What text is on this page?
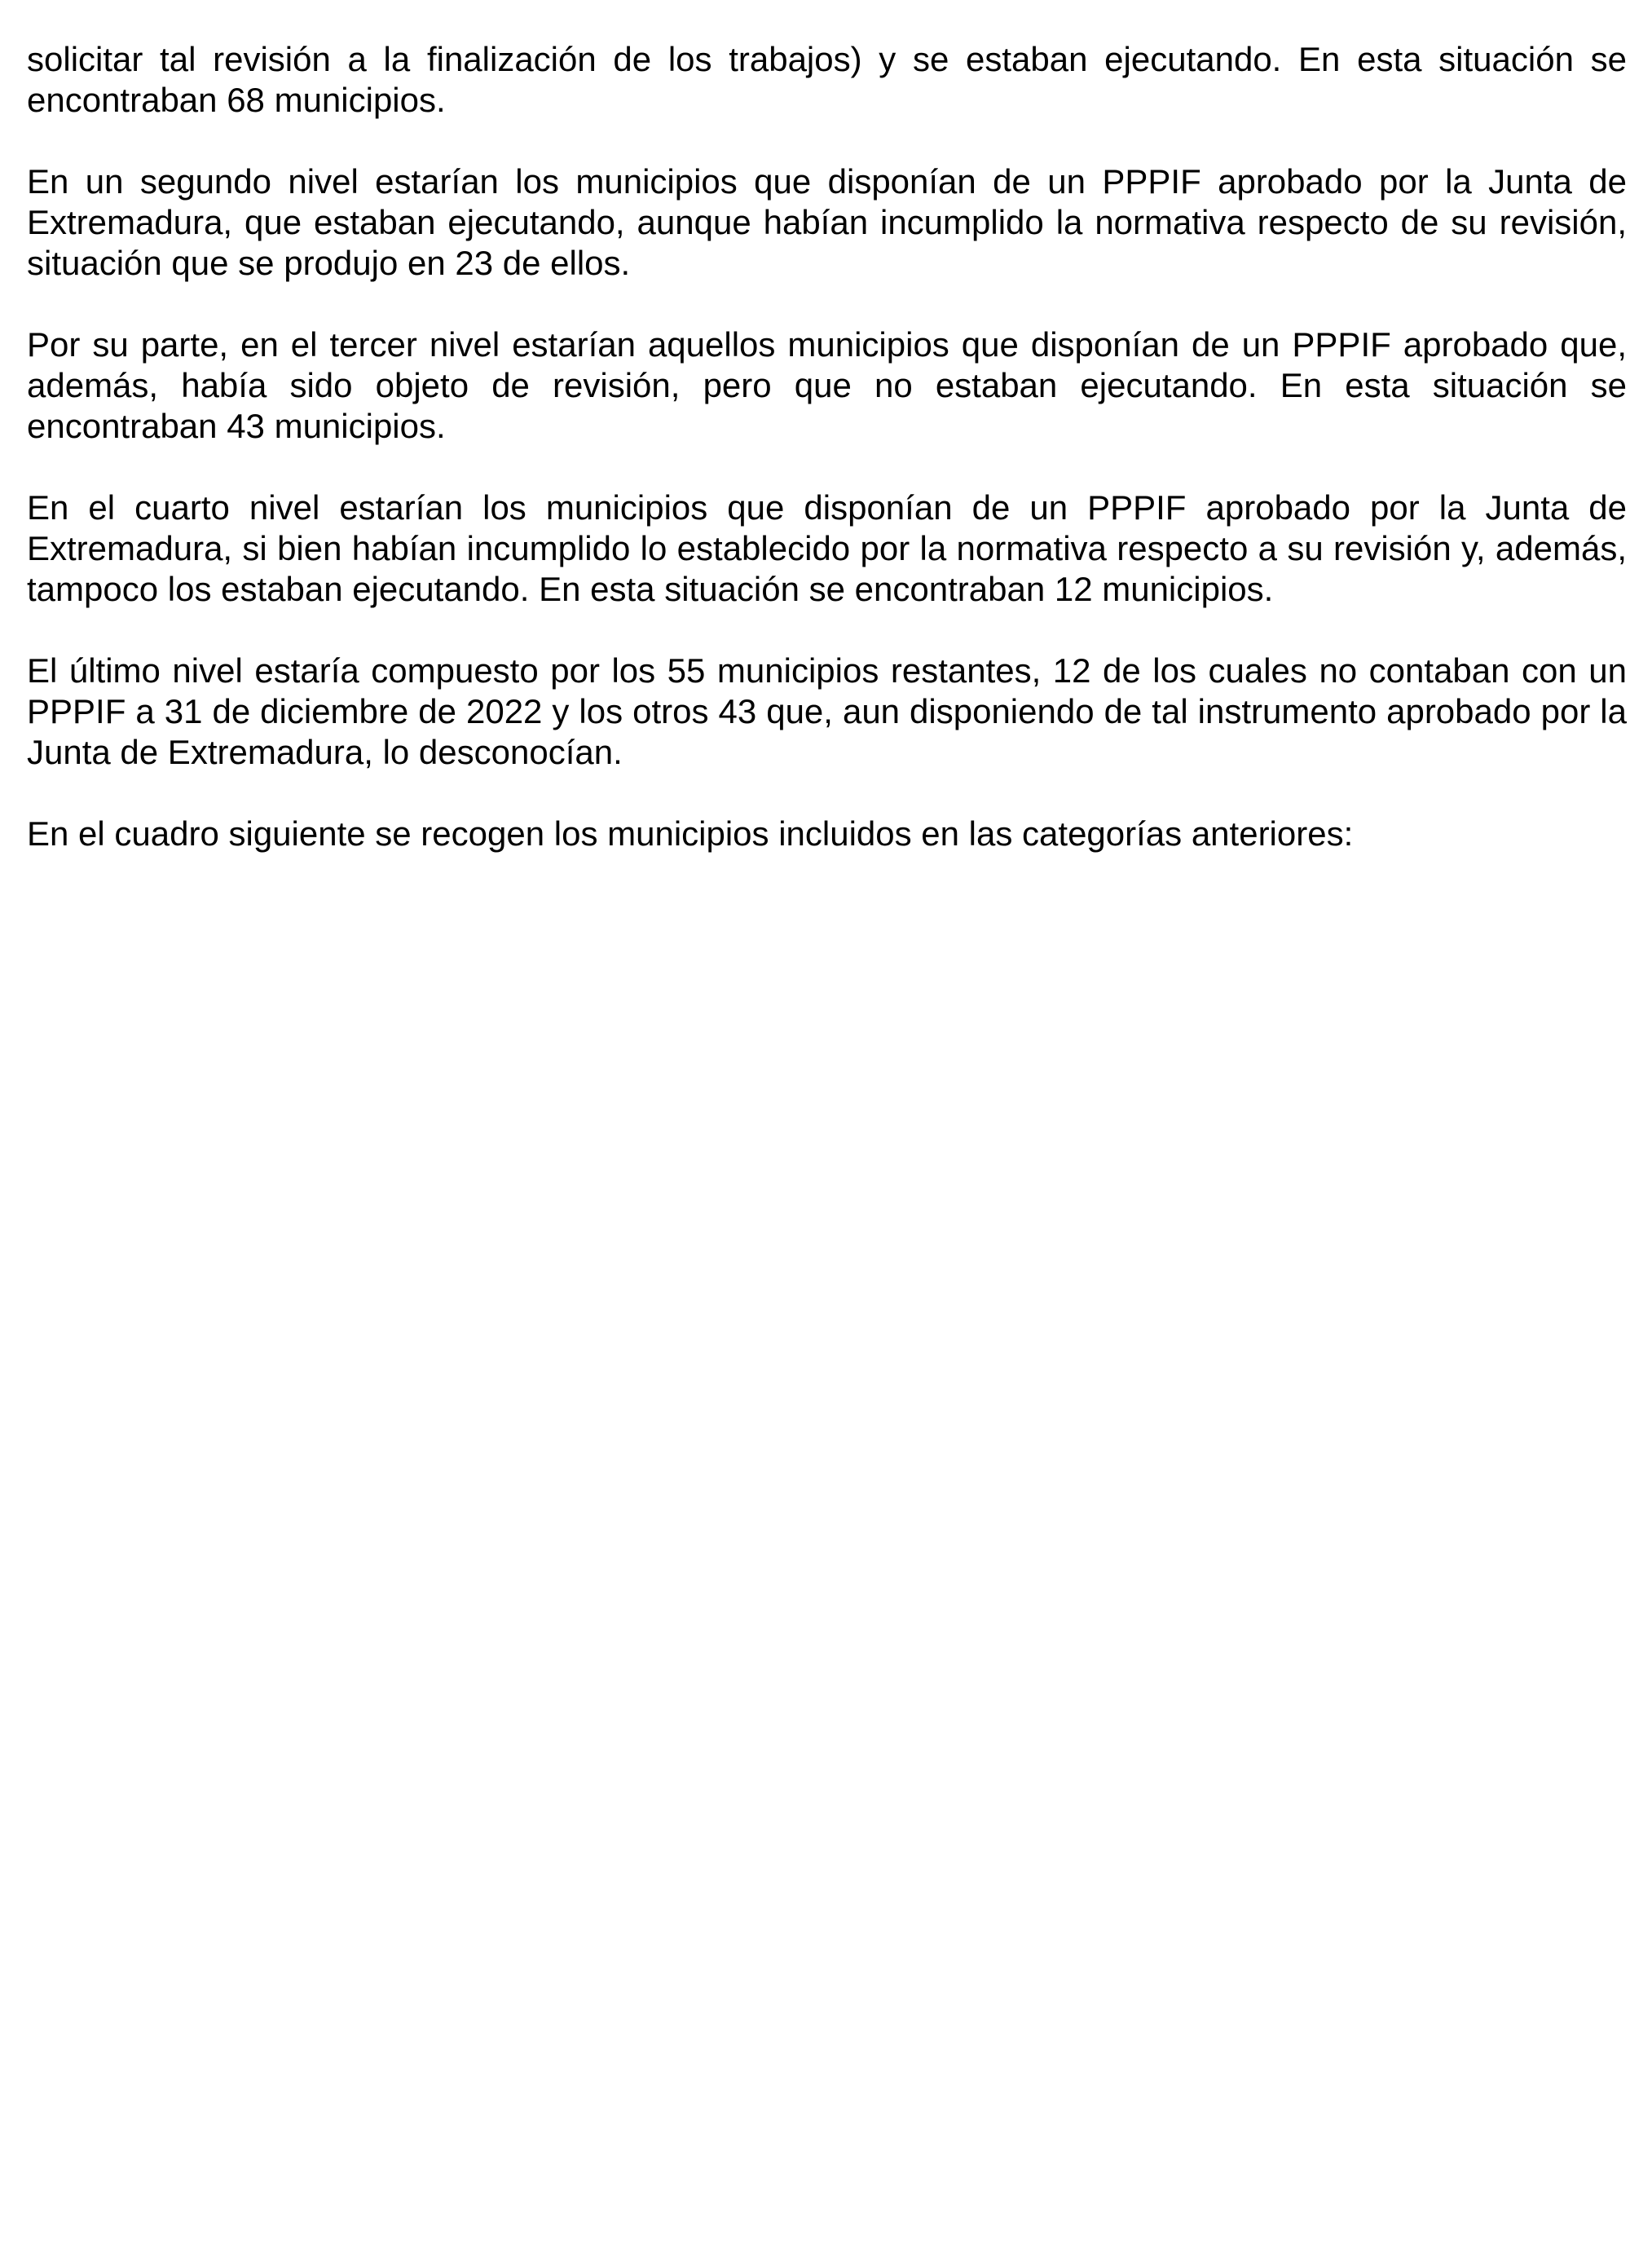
solicitar tal revisión a la finalización de los trabajos) y se estaban ejecutando. En esta situación se encontraban 68 municipios.
En un segundo nivel estarían los municipios que disponían de un PPPIF aprobado por la Junta de Extremadura, que estaban ejecutando, aunque habían incumplido la normativa respecto de su revisión, situación que se produjo en 23 de ellos.
Por su parte, en el tercer nivel estarían aquellos municipios que disponían de un PPPIF aprobado que, además, había sido objeto de revisión, pero que no estaban ejecutando. En esta situación se encontraban 43 municipios.
En el cuarto nivel estarían los municipios que disponían de un PPPIF aprobado por la Junta de Extremadura, si bien habían incumplido lo establecido por la normativa respecto a su revisión y, además, tampoco los estaban ejecutando. En esta situación se encontraban 12 municipios.
El último nivel estaría compuesto por los 55 municipios restantes, 12 de los cuales no contaban con un PPPIF a 31 de diciembre de 2022 y los otros 43 que, aun disponiendo de tal instrumento aprobado por la Junta de Extremadura, lo desconocían.
En el cuadro siguiente se recogen los municipios incluidos en las categorías anteriores:
